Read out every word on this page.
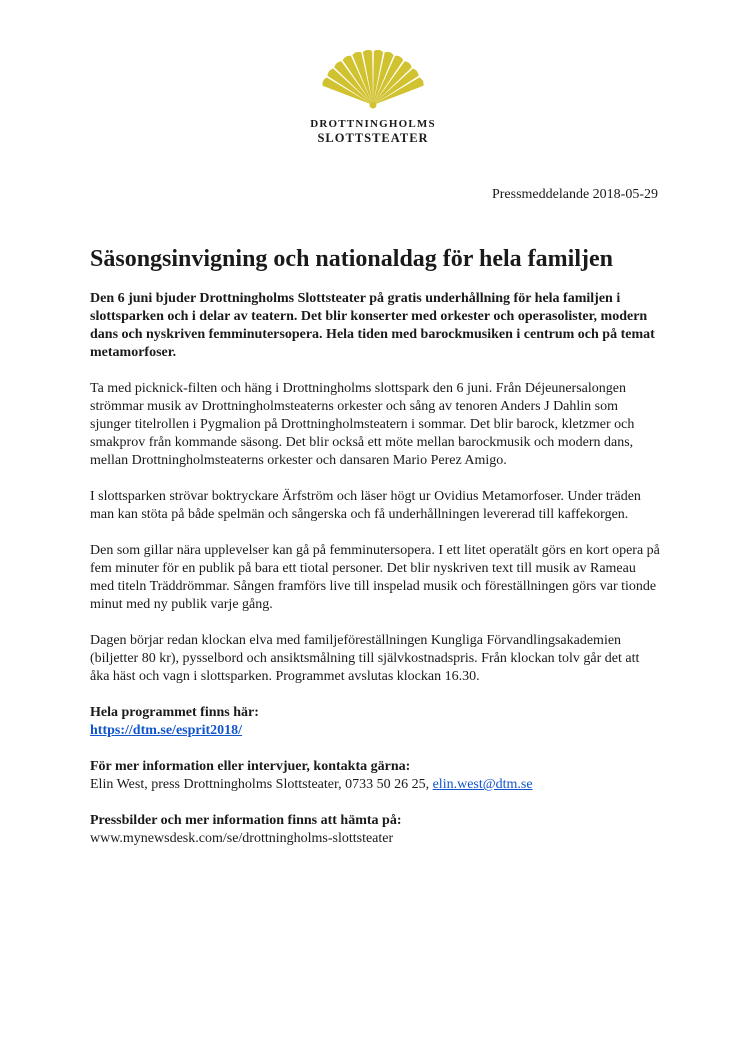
DROTTNINGHOLMS
SLOTTSTEATER
Pressmeddelande 2018-05-29
Säsongsinvigning och nationaldag för hela familjen

Den 6 juni bjuder Drottningholms Slottsteater på gratis underhållning för hela familjen i slottsparken och i delar av teatern. Det blir konserter med orkester och operasolister, modern dans och nyskriven femminutersopera. Hela tiden med barockmusiken i centrum och på temat metamorfoser.

Ta med picknick-filten och häng i Drottningholms slottspark den 6 juni. Från Déjeunersalongen strömmar musik av Drottningholmsteaterns orkester och sång av tenoren Anders J Dahlin som sjunger titelrollen i Pygmalion på Drottningholmsteatern i sommar. Det blir barock, kletzmer och smakprov från kommande säsong. Det blir också ett möte mellan barockmusik och modern dans, mellan Drottningholmsteaterns orkester och dansaren Mario Perez Amigo.

I slottsparken strövar boktryckare Ärfström och läser högt ur Ovidius Metamorfoser. Under träden man kan stöta på både spelmän och sångerska och få underhållningen levererad till kaffekorgen.

Den som gillar nära upplevelser kan gå på femminutersopera. I ett litet operatält görs en kort opera på fem minuter för en publik på bara ett tiotal personer. Det blir nyskriven text till musik av Rameau med titeln Träddrömmar. Sången framförs live till inspelad musik och föreställningen görs var tionde minut med ny publik varje gång.

Dagen börjar redan klockan elva med familjeföreställningen Kungliga Förvandlingsakademien (biljetter 80 kr), pysselbord och ansiktsmålning till självkostnadspris. Från klockan tolv går det att åka häst och vagn i slottsparken. Programmet avslutas klockan 16.30.

Hela programmet finns här:
https://dtm.se/esprit2018/

För mer information eller intervjuer, kontakta gärna:
Elin West, press Drottningholms Slottsteater, 0733 50 26 25, elin.west@dtm.se

Pressbilder och mer information finns att hämta på:
www.mynewsdesk.com/se/drottningholms-slottsteater
